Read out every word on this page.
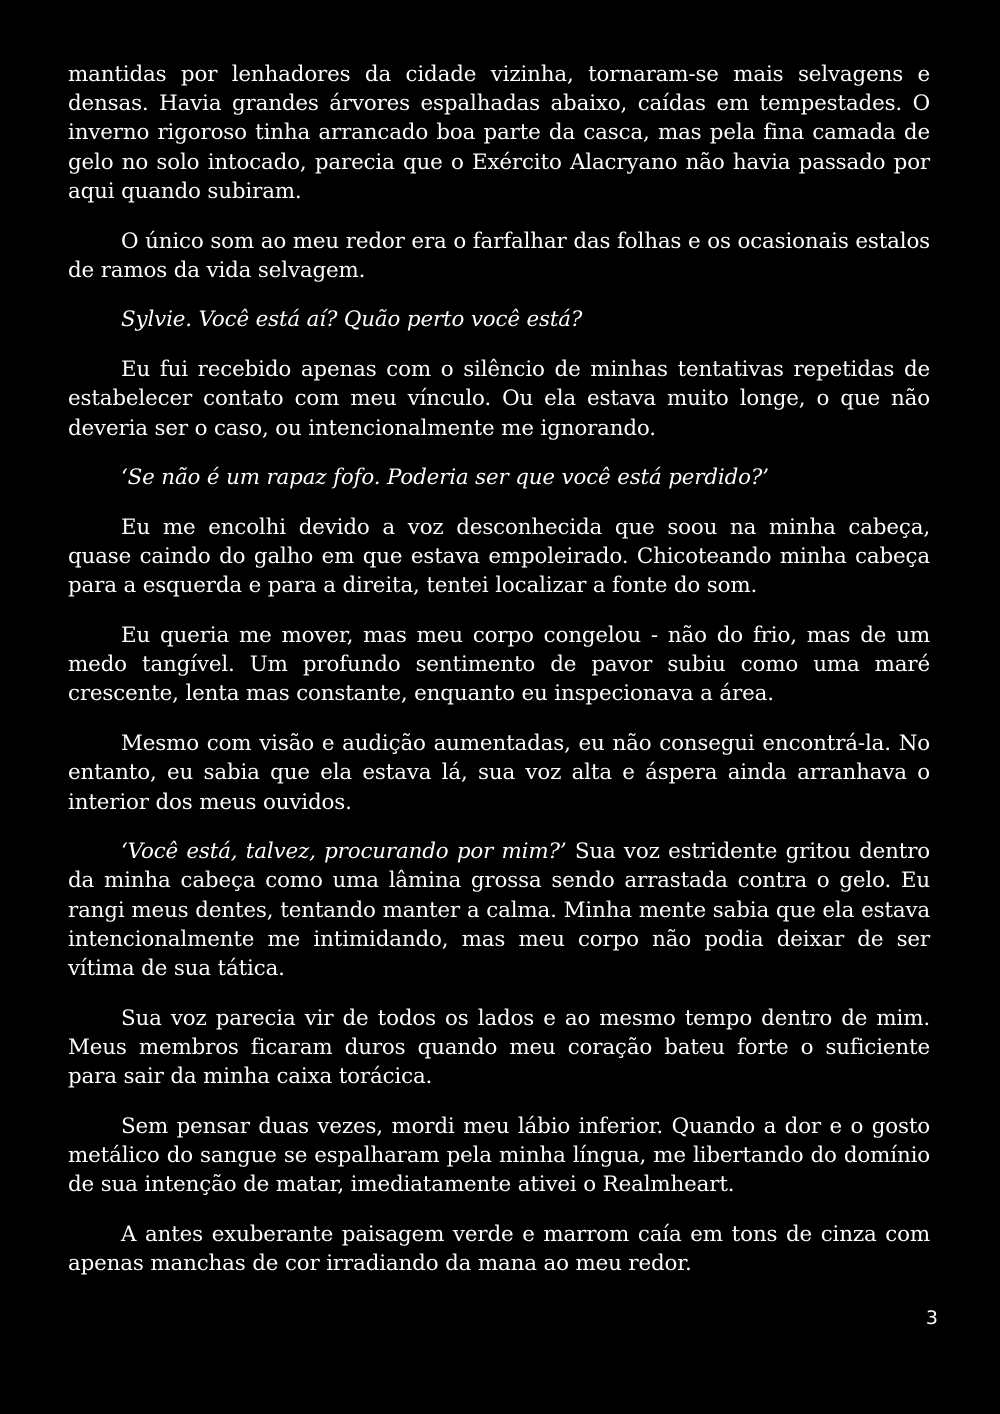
mantidas por lenhadores da cidade vizinha, tornaram-se mais selvagens e densas. Havia grandes árvores espalhadas abaixo, caídas em tempestades. O inverno rigoroso tinha arrancado boa parte da casca, mas pela fina camada de gelo no solo intocado, parecia que o Exército Alacryano não havia passado por aqui quando subiram.

O único som ao meu redor era o farfalhar das folhas e os ocasionais estalos de ramos da vida selvagem.

Sylvie. Você está aí? Quão perto você está?

Eu fui recebido apenas com o silêncio de minhas tentativas repetidas de estabelecer contato com meu vínculo. Ou ela estava muito longe, o que não deveria ser o caso, ou intencionalmente me ignorando.

‘Se não é um rapaz fofo. Poderia ser que você está perdido?’

Eu me encolhi devido a voz desconhecida que soou na minha cabeça, quase caindo do galho em que estava empoleirado. Chicoteando minha cabeça para a esquerda e para a direita, tentei localizar a fonte do som.

Eu queria me mover, mas meu corpo congelou - não do frio, mas de um medo tangível. Um profundo sentimento de pavor subiu como uma maré crescente, lenta mas constante, enquanto eu inspecionava a área.

Mesmo com visão e audição aumentadas, eu não consegui encontrá-la. No entanto, eu sabia que ela estava lá, sua voz alta e áspera ainda arranhava o interior dos meus ouvidos.

‘Você está, talvez, procurando por mim?’ Sua voz estridente gritou dentro da minha cabeça como uma lâmina grossa sendo arrastada contra o gelo. Eu rangi meus dentes, tentando manter a calma. Minha mente sabia que ela estava intencionalmente me intimidando, mas meu corpo não podia deixar de ser vítima de sua tática.

Sua voz parecia vir de todos os lados e ao mesmo tempo dentro de mim. Meus membros ficaram duros quando meu coração bateu forte o suficiente para sair da minha caixa torácica.

Sem pensar duas vezes, mordi meu lábio inferior. Quando a dor e o gosto metálico do sangue se espalharam pela minha língua, me libertando do domínio de sua intenção de matar, imediatamente ativei o Realmheart.

A antes exuberante paisagem verde e marrom caía em tons de cinza com apenas manchas de cor irradiando da mana ao meu redor.

3
